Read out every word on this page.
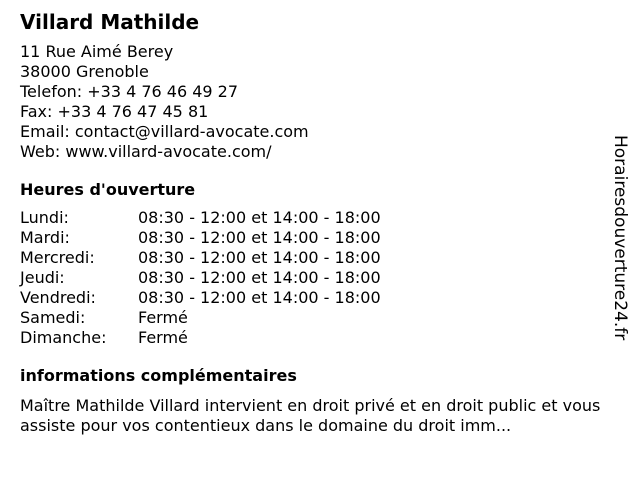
Villard Mathilde
11 Rue Aimé Berey
38000 Grenoble
Telefon: +33 4 76 46 49 27
Fax: +33 4 76 47 45 81
Email: contact@villard-avocate.com
Web: www.villard-avocate.com/
Heures d'ouverture
Lundi:	08:30 - 12:00 et 14:00 - 18:00
Mardi:	08:30 - 12:00 et 14:00 - 18:00
Mercredi:	08:30 - 12:00 et 14:00 - 18:00
Jeudi:	08:30 - 12:00 et 14:00 - 18:00
Vendredi:	08:30 - 12:00 et 14:00 - 18:00
Samedi:	Fermé
Dimanche:	Fermé
informations complémentaires
Maître Mathilde Villard intervient en droit privé et en droit public et vous assiste pour vos contentieux dans le domaine du droit imm...
Horairesdouverture24.fr
